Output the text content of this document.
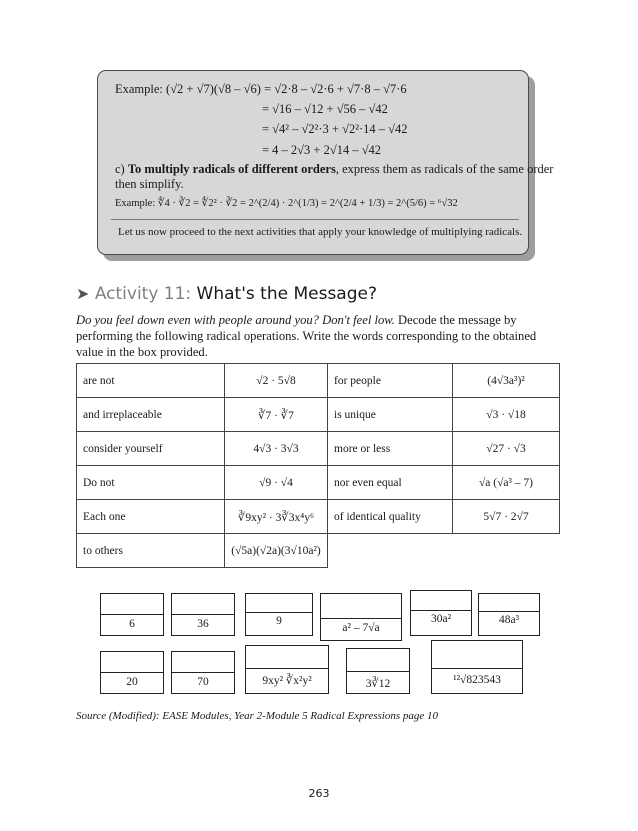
Example: (√2 + √7)(√8 – √6) = √2·8 – √2·6 + √7·8 – √7·6
= √16 – √12 + √56 – √42
= √4² – √2²·3 + √2²·14 – √42
= 4 – 2√3 + 2√14 – √42
c) To multiply radicals of different orders, express them as radicals of the same order
then simplify.
Example: ∜4 · ∛2 = ∜2² · ∛2 = 2^(2/4) · 2^(1/3) = 2^(2/4 + 1/3) = 2^(5/6) = ⁶√32
Let us now proceed to the next activities that apply your knowledge of multiplying radicals.
➤ Activity 11: What's the Message?
Do you feel down even with people around you? Don't feel low. Decode the message by performing the following radical operations. Write the words corresponding to the obtained value in the box provided.
are not	√2 · 5√8	for people	(4√3a³)²
and irreplaceable	∛7 · ∛7	is unique	√3 · √18
consider yourself	4√3 · 3√3	more or less	√27 · √3
Do not	√9 · √4	nor even equal	√a (√a³ – 7)
Each one	∛9xy² · 3∛3x⁴y⁶	of identical quality	5√7 · 2√7
to others	(√5a)(√2a)(3√10a²)		
6	36	9
a² – 7√a
30a²	48a³
20	70	9xy² ∛x²y²	3∛12	¹²√823543
Source (Modified): EASE Modules, Year 2-Module 5 Radical Expressions page 10
263
